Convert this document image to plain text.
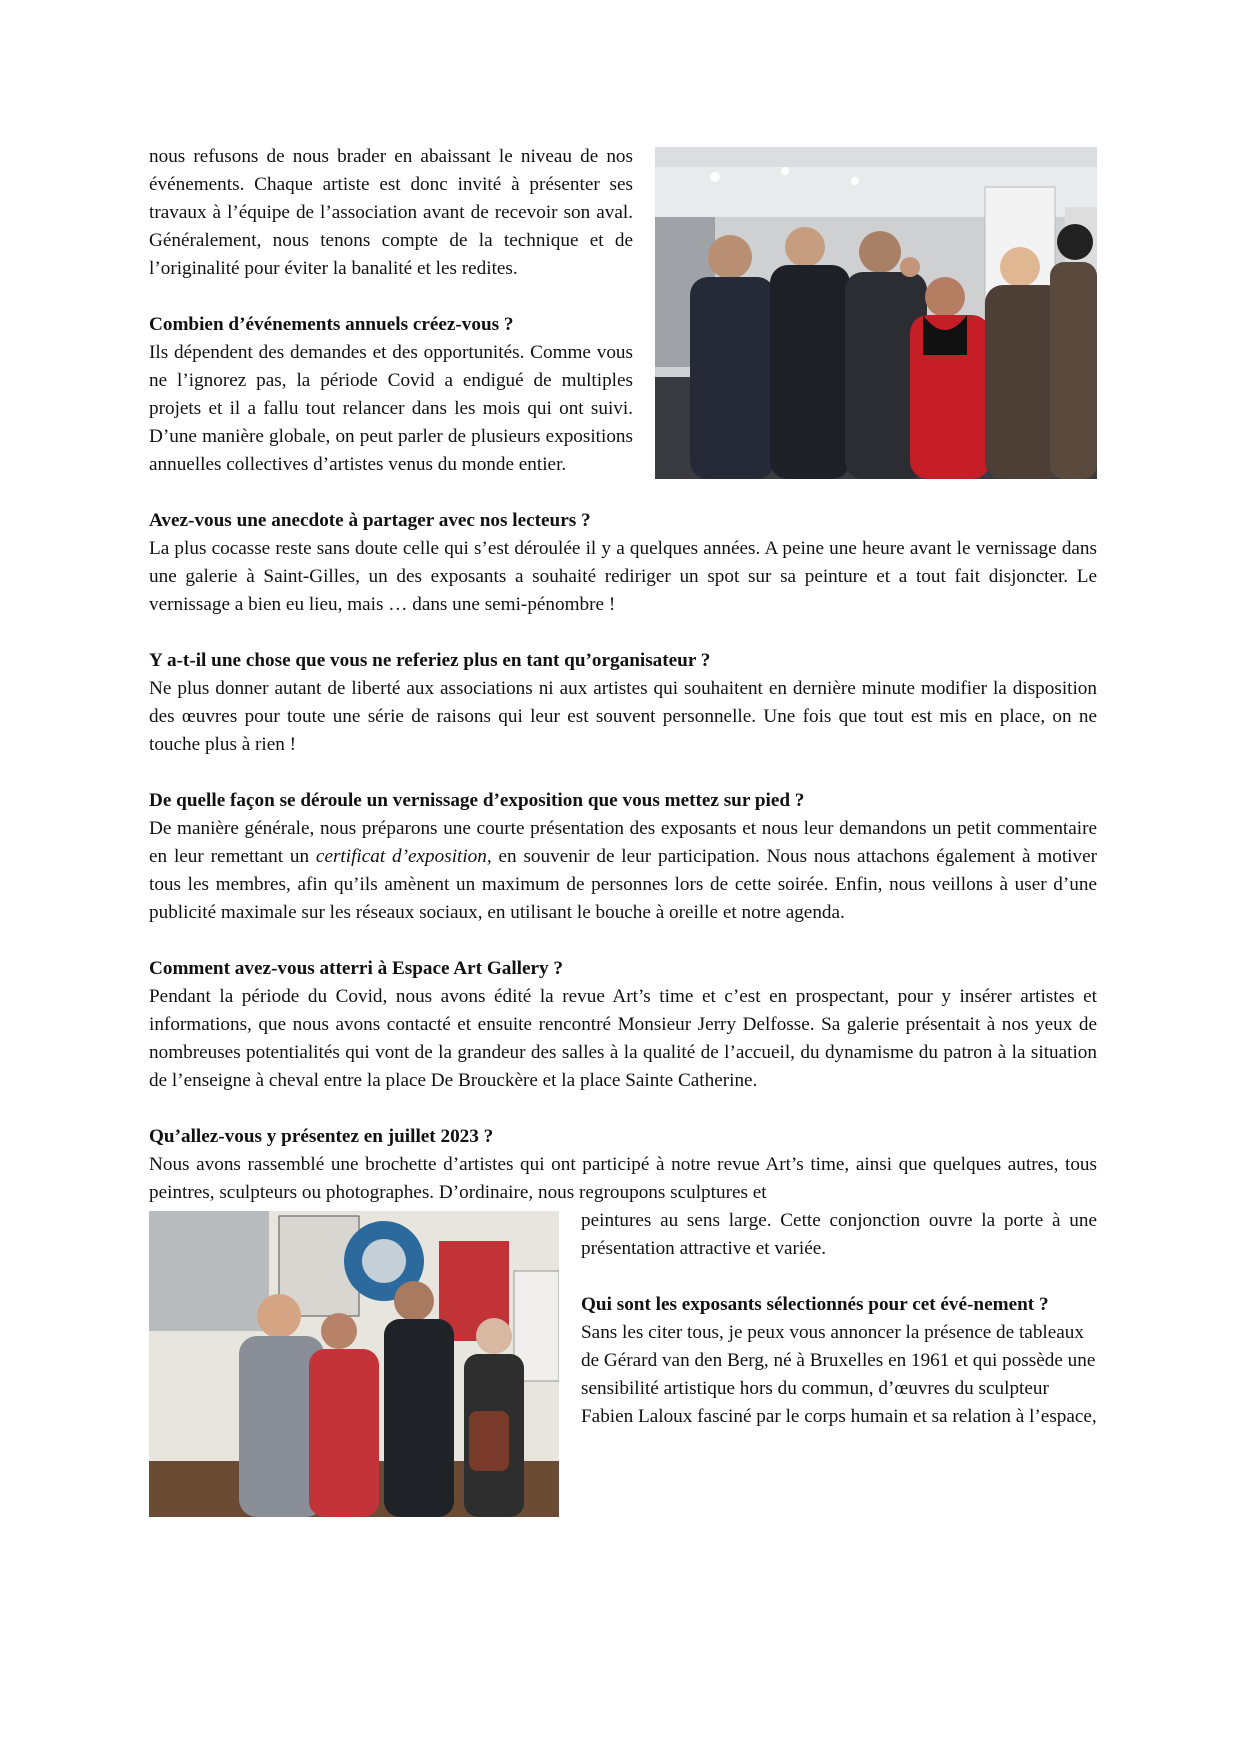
nous refusons de nous brader en abaissant le niveau de nos événements. Chaque artiste est donc invité à présenter ses travaux à l’équipe de l’association avant de recevoir son aval. Généralement, nous tenons compte de la technique et de l’originalité pour éviter la banalité et les redites.

Combien d’événements annuels créez-vous ?

Ils dépendent des demandes et des opportunités. Comme vous ne l’ignorez pas, la période Covid a endigué de multiples projets et il a fallu tout relancer dans les mois qui ont suivi. D’une manière globale, on peut parler de plusieurs expositions annuelles collectives d’artistes venus du monde entier.

Avez-vous une anecdote à partager avec nos lecteurs ?

La plus cocasse reste sans doute celle qui s’est déroulée il y a quelques années. A peine une heure avant le vernissage dans une galerie à Saint-Gilles, un des exposants a souhaité rediriger un spot sur sa peinture et a tout fait disjoncter. Le vernissage a bien eu lieu, mais … dans une semi-pénombre !

Y a-t-il une chose que vous ne referiez plus en tant qu’organisateur ?

Ne plus donner autant de liberté aux associations ni aux artistes qui souhaitent en dernière minute modifier la disposition des œuvres pour toute une série de raisons qui leur est souvent personnelle. Une fois que tout est mis en place, on ne touche plus à rien !

De quelle façon se déroule un vernissage d’exposition que vous mettez sur pied ?

De manière générale, nous préparons une courte présentation des exposants et nous leur demandons un petit commentaire en leur remettant un certificat d’exposition, en souvenir de leur participation. Nous nous attachons également à motiver tous les membres, afin qu’ils amènent un maximum de personnes lors de cette soirée. Enfin, nous veillons à user d’une publicité maximale sur les réseaux sociaux, en utilisant le bouche à oreille et notre agenda.

Comment avez-vous atterri à Espace Art Gallery ?

Pendant la période du Covid, nous avons édité la revue Art’s time et c’est en prospectant, pour y insérer artistes et informations, que nous avons contacté et ensuite rencontré Monsieur Jerry Delfosse. Sa galerie présentait à nos yeux de nombreuses potentialités qui vont de la grandeur des salles à la qualité de l’accueil, du dynamisme du patron à la situation de l’enseigne à cheval entre la place De Brouckère et la place Sainte Catherine.

Qu’allez-vous y présentez en juillet 2023 ?

Nous avons rassemblé une brochette d’artistes qui ont participé à notre revue Art’s time, ainsi que quelques autres, tous peintres, sculpteurs ou photographes. D’ordinaire, nous regroupons sculptures et

peintures au sens large. Cette conjonction ouvre la porte à une présentation attractive et variée.

Qui sont les exposants sélectionnés pour cet évé-nement ?

Sans les citer tous, je peux vous annoncer la présence de tableaux de Gérard van den Berg, né à Bruxelles en 1961 et qui possède une sensibilité artistique hors du commun, d’œuvres du sculpteur Fabien Laloux fasciné par le corps humain et sa relation à l’espace,
